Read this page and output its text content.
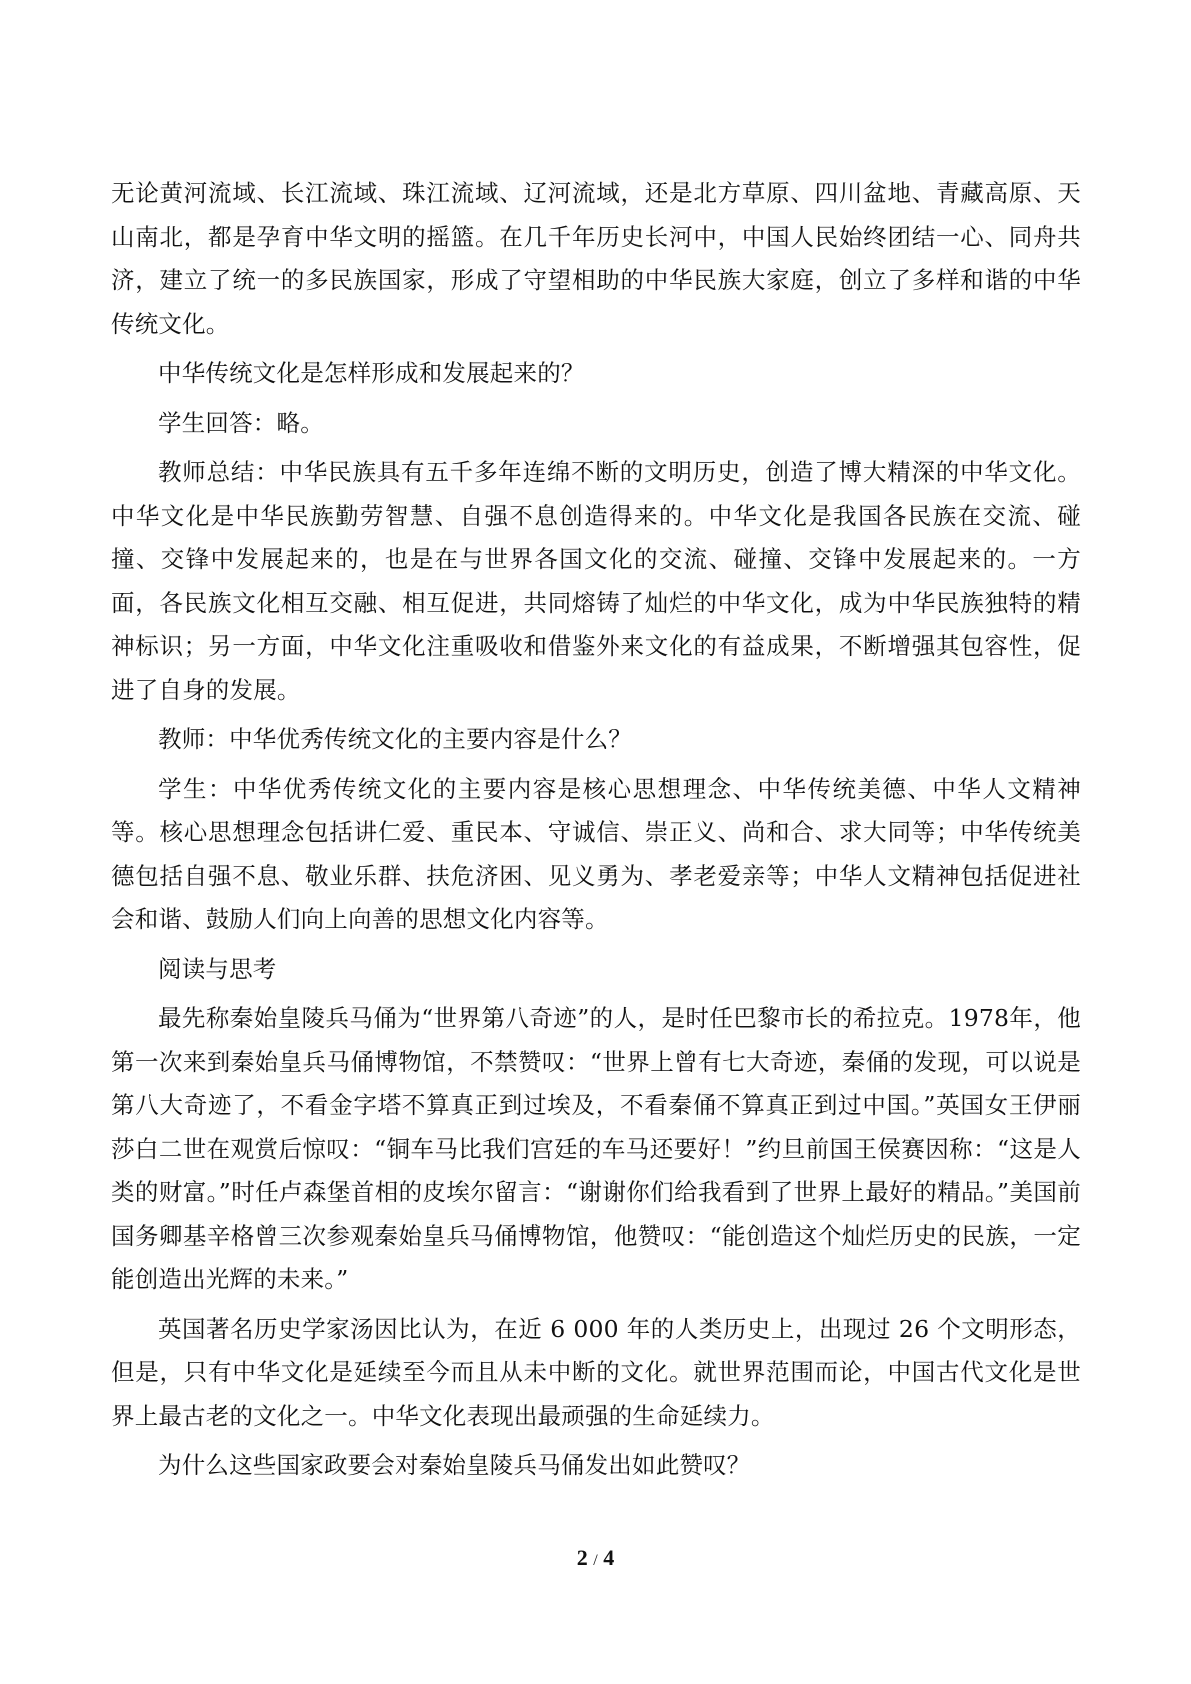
无论黄河流域、长江流域、珠江流域、辽河流域，还是北方草原、四川盆地、青藏高原、天山南北，都是孕育中华文明的摇篮。在几千年历史长河中，中国人民始终团结一心、同舟共济，建立了统一的多民族国家，形成了守望相助的中华民族大家庭，创立了多样和谐的中华传统文化。

中华传统文化是怎样形成和发展起来的？

学生回答：略。

教师总结：中华民族具有五千多年连绵不断的文明历史，创造了博大精深的中华文化。中华文化是中华民族勤劳智慧、自强不息创造得来的。中华文化是我国各民族在交流、碰撞、交锋中发展起来的，也是在与世界各国文化的交流、碰撞、交锋中发展起来的。一方面，各民族文化相互交融、相互促进，共同熔铸了灿烂的中华文化，成为中华民族独特的精神标识；另一方面，中华文化注重吸收和借鉴外来文化的有益成果，不断增强其包容性，促进了自身的发展。

教师：中华优秀传统文化的主要内容是什么？

学生：中华优秀传统文化的主要内容是核心思想理念、中华传统美德、中华人文精神等。核心思想理念包括讲仁爱、重民本、守诚信、崇正义、尚和合、求大同等；中华传统美德包括自强不息、敬业乐群、扶危济困、见义勇为、孝老爱亲等；中华人文精神包括促进社会和谐、鼓励人们向上向善的思想文化内容等。

阅读与思考

最先称秦始皇陵兵马俑为“世界第八奇迹”的人，是时任巴黎市长的希拉克。1978年，他第一次来到秦始皇兵马俑博物馆，不禁赞叹：“世界上曾有七大奇迹，秦俑的发现，可以说是第八大奇迹了，不看金字塔不算真正到过埃及，不看秦俑不算真正到过中国。”英国女王伊丽莎白二世在观赏后惊叹：“铜车马比我们宫廷的车马还要好！”约旦前国王侯赛因称：“这是人类的财富。”时任卢森堡首相的皮埃尔留言：“谢谢你们给我看到了世界上最好的精品。”美国前国务卿基辛格曾三次参观秦始皇兵马俑博物馆，他赞叹：“能创造这个灿烂历史的民族，一定能创造出光辉的未来。”

英国著名历史学家汤因比认为，在近 6 000 年的人类历史上，出现过 26 个文明形态，但是，只有中华文化是延续至今而且从未中断的文化。就世界范围而论，中国古代文化是世界上最古老的文化之一。中华文化表现出最顽强的生命延续力。

为什么这些国家政要会对秦始皇陵兵马俑发出如此赞叹？

2 / 4
